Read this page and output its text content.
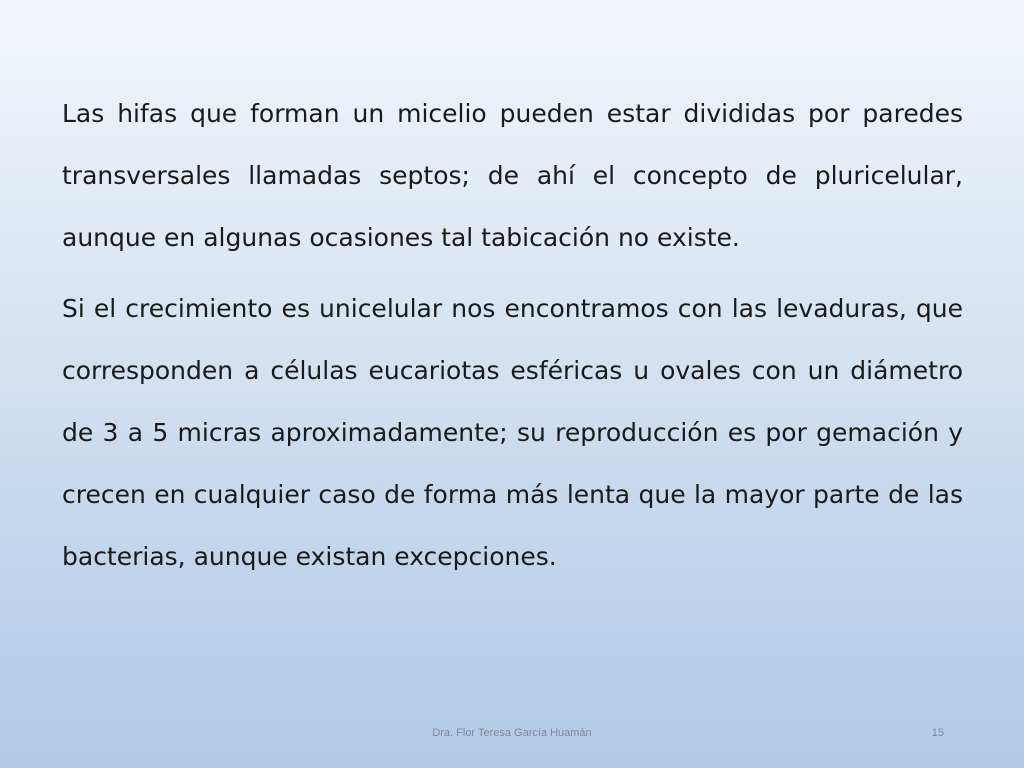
Las hifas que forman un micelio pueden estar divididas por paredes transversales llamadas septos; de ahí el concepto de pluricelular, aunque en algunas ocasiones tal tabicación no existe.

Si el crecimiento es unicelular nos encontramos con las levaduras, que corresponden a células eucariotas esféricas u ovales con un diámetro de 3 a 5 micras aproximadamente; su reproducción es por gemación y crecen en cualquier caso de forma más lenta que la mayor parte de las bacterias, aunque existan excepciones.

Dra. Flor Teresa García Huamán	15
